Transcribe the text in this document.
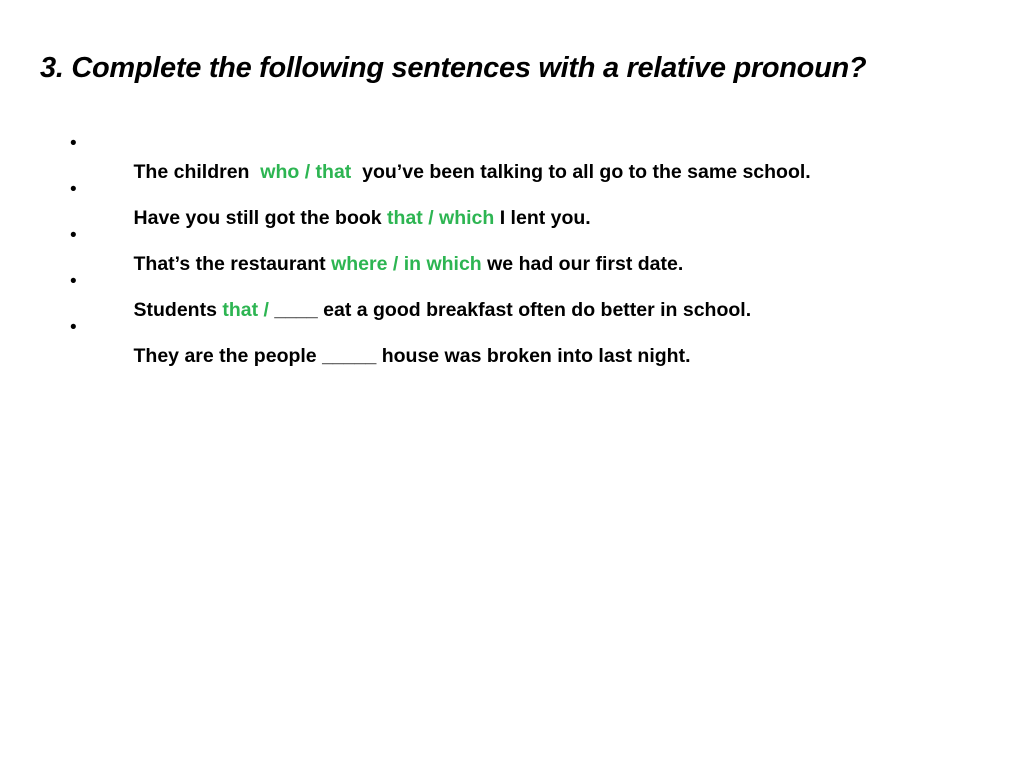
3. Complete the following sentences with a relative pronoun?

•
The children  who / that  you’ve been talking to all go to the same school.

•
Have you still got the book that / which I lent you.

•
That’s the restaurant where / in which we had our first date.

•
Students that / ____ eat a good breakfast often do better in school.

•
They are the people _____ house was broken into last night.
